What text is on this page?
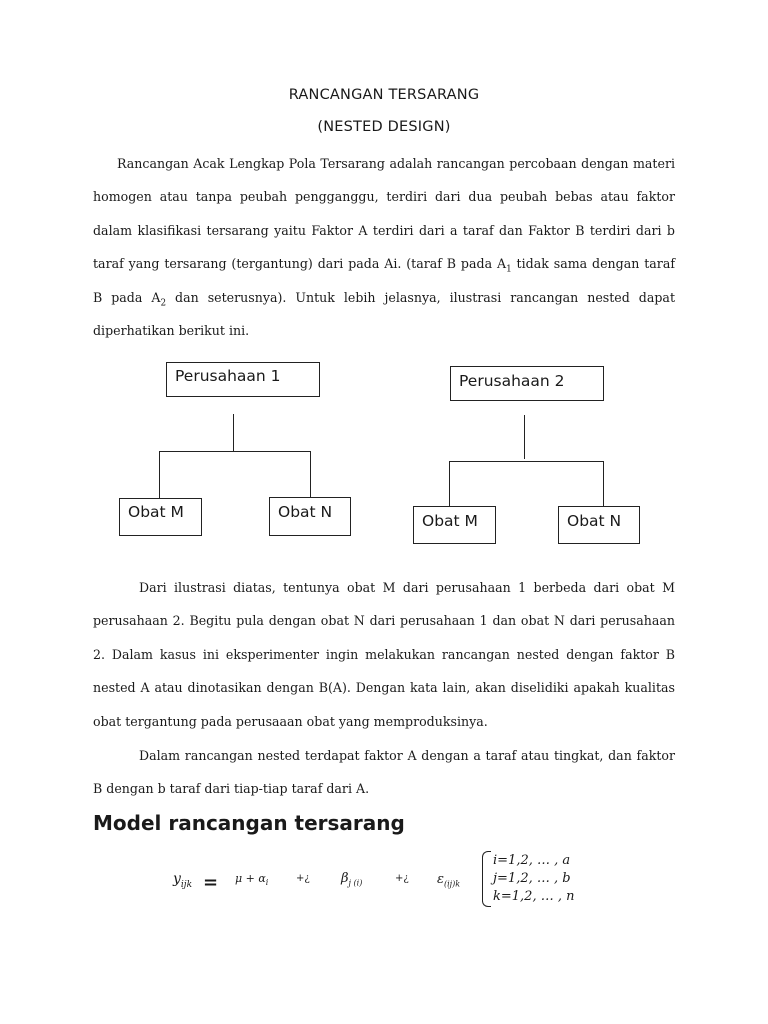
RANCANGAN TERSARANG
(NESTED DESIGN)

Rancangan Acak Lengkap Pola Tersarang adalah rancangan percobaan dengan materi homogen atau tanpa peubah pengganggu, terdiri dari dua peubah bebas atau faktor dalam klasifikasi tersarang yaitu Faktor A terdiri dari a taraf dan Faktor B terdiri dari b taraf yang tersarang (tergantung) dari pada Ai. (taraf B pada $A_1$ tidak sama dengan taraf B pada $A_2$ dan seterusnya). Untuk lebih jelasnya, ilustrasi rancangan nested dapat diperhatikan berikut ini.

Perusahaan 1
Obat M	Obat N
Perusahaan 2
Obat M	Obat N

Dari ilustrasi diatas, tentunya obat M dari perusahaan 1 berbeda dari obat M perusahaan 2. Begitu pula dengan obat N dari perusahaan 1 dan obat N dari perusahaan 2. Dalam kasus ini eksperimenter ingin melakukan rancangan nested dengan faktor B nested A atau dinotasikan dengan B(A). Dengan kata lain, akan diselidiki apakah kualitas obat tergantung pada perusaaan obat yang memproduksinya.

Dalam rancangan nested terdapat faktor A dengan a taraf atau tingkat, dan faktor B dengan b taraf dari tiap-tiap taraf dari A.

Model rancangan tersarang
$y_{ijk} = \mu + \alpha_i$	+¿ $\beta_{j (i)}$	+¿ $\varepsilon_{(ij)k}$
i=1,2, … , a
j=1,2, … , b
k=1,2, … , n
